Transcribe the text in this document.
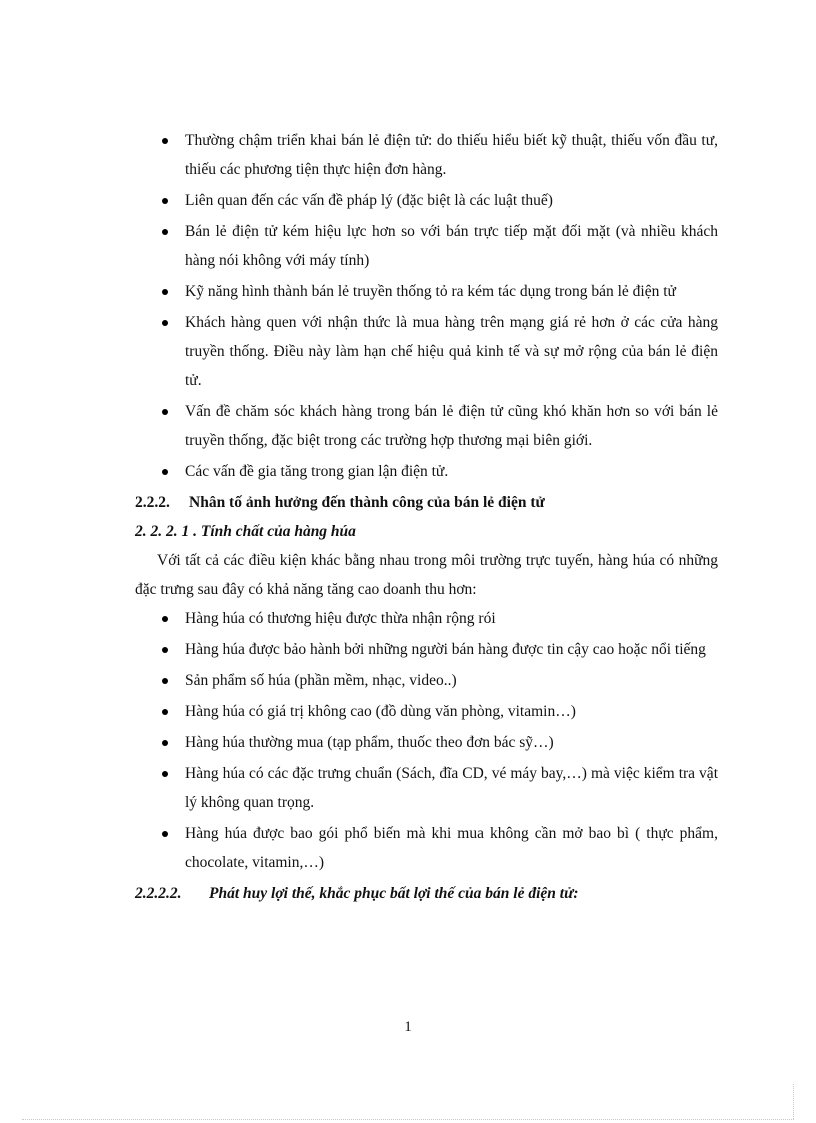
Thường chậm triển khai bán lẻ điện tử: do thiếu hiểu biết kỹ thuật, thiếu vốn đầu tư, thiếu các phương tiện thực hiện đơn hàng.
Liên quan đến các vấn đề pháp lý (đặc biệt là các luật thuế)
Bán lẻ điện tử kém hiệu lực hơn so với bán trực tiếp mặt đối mặt (và nhiều khách hàng nói không với máy tính)
Kỹ năng hình thành bán lẻ truyền thống tỏ ra kém tác dụng trong bán lẻ điện tử
Khách hàng quen với nhận thức là mua hàng trên mạng giá rẻ hơn ở các cửa hàng truyền thống. Điều này làm hạn chế hiệu quả kinh tế và sự mở rộng của bán lẻ điện tử.
Vấn đề chăm sóc khách hàng trong bán lẻ điện tử cũng khó khăn hơn so với bán lẻ truyền thống, đặc biệt trong các trường hợp thương mại biên giới.
Các vấn đề gia tăng trong gian lận điện tử.
2.2.2. Nhân tố ảnh hưởng đến thành công của bán lẻ điện tử
2. 2. 2. 1 . Tính chất của hàng húa

Với tất cả các điều kiện khác bằng nhau trong môi trường trực tuyến, hàng húa có những đặc trưng sau đây có khả năng tăng cao doanh thu hơn:

Hàng húa có thương hiệu được thừa nhận rộng rói
Hàng húa được bảo hành bởi những người bán hàng được tin cậy cao hoặc nổi tiếng
Sản phẩm số húa (phần mềm, nhạc, video..)
Hàng húa có giá trị không cao (đồ dùng văn phòng, vitamin…)
Hàng húa thường mua (tạp phẩm, thuốc theo đơn bác sỹ…)
Hàng húa có các đặc trưng chuẩn (Sách, đĩa CD, vé máy bay,…) mà việc kiểm tra vật lý không quan trọng.
Hàng húa được bao gói phổ biến mà khi mua không cần mở bao bì ( thực phẩm, chocolate, vitamin,…)
2.2.2.2. Phát huy lợi thế, khắc phục bất lợi thế của bán lẻ điện tử:
1
